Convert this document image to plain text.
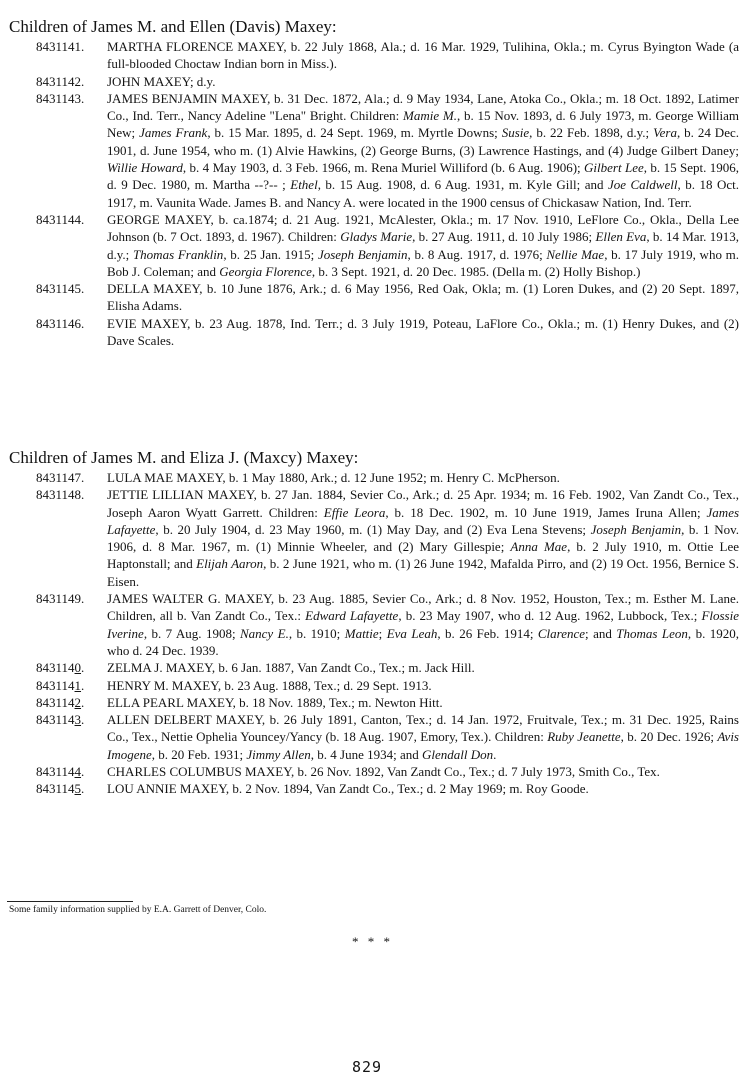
Children of James M. and Ellen (Davis) Maxey:
8431141. MARTHA FLORENCE MAXEY, b. 22 July 1868, Ala.; d. 16 Mar. 1929, Tulihina, Okla.; m. Cyrus Byington Wade (a full-blooded Choctaw Indian born in Miss.).
8431142. JOHN MAXEY; d.y.
8431143. JAMES BENJAMIN MAXEY, b. 31 Dec. 1872, Ala.; d. 9 May 1934, Lane, Atoka Co., Okla.; m. 18 Oct. 1892, Latimer Co., Ind. Terr., Nancy Adeline "Lena" Bright. Children: Mamie M., b. 15 Nov. 1893, d. 6 July 1973, m. George William New; James Frank, b. 15 Mar. 1895, d. 24 Sept. 1969, m. Myrtle Downs; Susie, b. 22 Feb. 1898, d.y.; Vera, b. 24 Dec. 1901, d. June 1954, who m. (1) Alvie Hawkins, (2) George Burns, (3) Lawrence Hastings, and (4) Judge Gilbert Daney; Willie Howard, b. 4 May 1903, d. 3 Feb. 1966, m. Rena Muriel Williford (b. 6 Aug. 1906); Gilbert Lee, b. 15 Sept. 1906, d. 9 Dec. 1980, m. Martha --?-- ; Ethel, b. 15 Aug. 1908, d. 6 Aug. 1931, m. Kyle Gill; and Joe Caldwell, b. 18 Oct. 1917, m. Vaunita Wade. James B. and Nancy A. were located in the 1900 census of Chickasaw Nation, Ind. Terr.
8431144. GEORGE MAXEY, b. ca.1874; d. 21 Aug. 1921, McAlester, Okla.; m. 17 Nov. 1910, LeFlore Co., Okla., Della Lee Johnson (b. 7 Oct. 1893, d. 1967). Children: Gladys Marie, b. 27 Aug. 1911, d. 10 July 1986; Ellen Eva, b. 14 Mar. 1913, d.y.; Thomas Franklin, b. 25 Jan. 1915; Joseph Benjamin, b. 8 Aug. 1917, d. 1976; Nellie Mae, b. 17 July 1919, who m. Bob J. Coleman; and Georgia Florence, b. 3 Sept. 1921, d. 20 Dec. 1985. (Della m. (2) Holly Bishop.)
8431145. DELLA MAXEY, b. 10 June 1876, Ark.; d. 6 May 1956, Red Oak, Okla; m. (1) Loren Dukes, and (2) 20 Sept. 1897, Elisha Adams.
8431146. EVIE MAXEY, b. 23 Aug. 1878, Ind. Terr.; d. 3 July 1919, Poteau, LaFlore Co., Okla.; m. (1) Henry Dukes, and (2) Dave Scales.
Children of James M. and Eliza J. (Maxcy) Maxey:
8431147. LULA MAE MAXEY, b. 1 May 1880, Ark.; d. 12 June 1952; m. Henry C. McPherson.
8431148. JETTIE LILLIAN MAXEY, b. 27 Jan. 1884, Sevier Co., Ark.; d. 25 Apr. 1934; m. 16 Feb. 1902, Van Zandt Co., Tex., Joseph Aaron Wyatt Garrett. Children: Effie Leora, b. 18 Dec. 1902, m. 10 June 1919, James Iruna Allen; James Lafayette, b. 20 July 1904, d. 23 May 1960, m. (1) May Day, and (2) Eva Lena Stevens; Joseph Benjamin, b. 1 Nov. 1906, d. 8 Mar. 1967, m. (1) Minnie Wheeler, and (2) Mary Gillespie; Anna Mae, b. 2 July 1910, m. Ottie Lee Haptonstall; and Elijah Aaron, b. 2 June 1921, who m. (1) 26 June 1942, Mafalda Pirro, and (2) 19 Oct. 1956, Bernice S. Eisen.
8431149. JAMES WALTER G. MAXEY, b. 23 Aug. 1885, Sevier Co., Ark.; d. 8 Nov. 1952, Houston, Tex.; m. Esther M. Lane. Children, all b. Van Zandt Co., Tex.: Edward Lafayette, b. 23 May 1907, who d. 12 Aug. 1962, Lubbock, Tex.; Flossie Iverine, b. 7 Aug. 1908; Nancy E., b. 1910; Mattie; Eva Leah, b. 26 Feb. 1914; Clarence; and Thomas Leon, b. 1920, who d. 24 Dec. 1939.
8431140. ZELMA J. MAXEY, b. 6 Jan. 1887, Van Zandt Co., Tex.; m. Jack Hill.
8431141. HENRY M. MAXEY, b. 23 Aug. 1888, Tex.; d. 29 Sept. 1913.
8431142. ELLA PEARL MAXEY, b. 18 Nov. 1889, Tex.; m. Newton Hitt.
8431143. ALLEN DELBERT MAXEY, b. 26 July 1891, Canton, Tex.; d. 14 Jan. 1972, Fruitvale, Tex.; m. 31 Dec. 1925, Rains Co., Tex., Nettie Ophelia Youncey/Yancy (b. 18 Aug. 1907, Emory, Tex.). Children: Ruby Jeanette, b. 20 Dec. 1926; Avis Imogene, b. 20 Feb. 1931; Jimmy Allen, b. 4 June 1934; and Glendall Don.
8431144. CHARLES COLUMBUS MAXEY, b. 26 Nov. 1892, Van Zandt Co., Tex.; d. 7 July 1973, Smith Co., Tex.
8431145. LOU ANNIE MAXEY, b. 2 Nov. 1894, Van Zandt Co., Tex.; d. 2 May 1969; m. Roy Goode.
Some family information supplied by E.A. Garrett of Denver, Colo.
* * *
829
